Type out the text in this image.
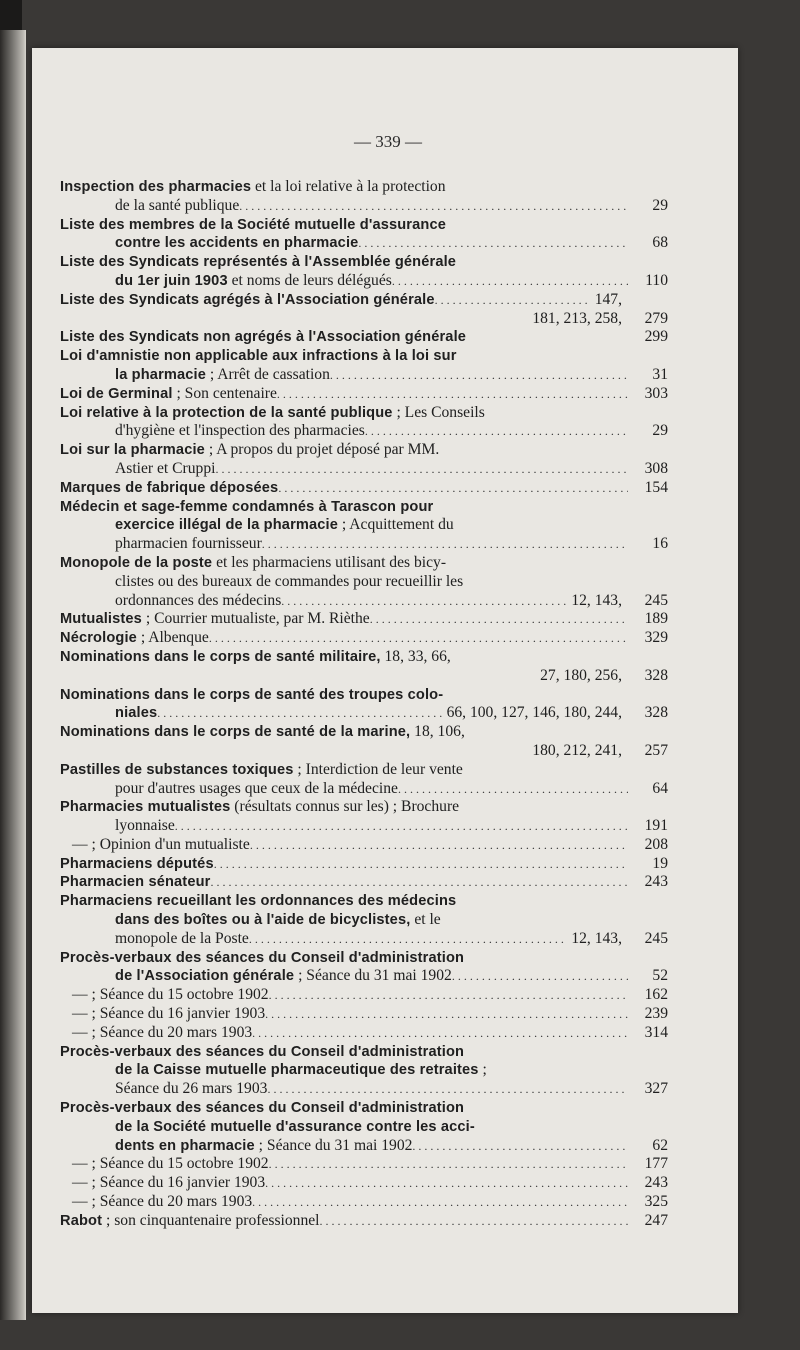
— 339 —
Inspection des pharmacies et la loi relative à la protection
de la santé publique . . .	29
Liste des membres de la Société mutuelle d'assurance
contre les accidents en pharmacie . . .	68
Liste des Syndicats représentés à l'Assemblée générale
du 1er juin 1903 et noms de leurs délégués . . .	110
Liste des Syndicats agrégés à l'Association générale . . .	147,
181, 213, 258,	279
Liste des Syndicats non agrégés à l'Association générale	299
Loi d'amnistie non applicable aux infractions à la loi sur
la pharmacie ; Arrêt de cassation . . .	31
Loi de Germinal ; Son centenaire . . .	303
Loi relative à la protection de la santé publique ; Les Conseils
d'hygiène et l'inspection des pharmacies . . .	29
Loi sur la pharmacie ; A propos du projet déposé par MM.
Astier et Cruppi . . .	308
Marques de fabrique déposées . . .	154
Médecin et sage-femme condamnés à Tarascon pour
exercice illégal de la pharmacie ; Acquittement du
pharmacien fournisseur . . .	16
Monopole de la poste et les pharmaciens utilisant des bicy-
clistes ou des bureaux de commandes pour recueillir les
ordonnances des médecins . . .	12, 143,	245
Mutualistes ; Courrier mutualiste, par M. Rièthe . . .	189
Nécrologie ; Albenque . . .	329
Nominations dans le corps de santé militaire, 18, 33, 66,
27, 180, 256,	328
Nominations dans le corps de santé des troupes colo-
niales . . .	66, 100, 127, 146, 180, 244,	328
Nominations dans le corps de santé de la marine, 18, 106,
180, 212, 241,	257
Pastilles de substances toxiques ; Interdiction de leur vente
pour d'autres usages que ceux de la médecine . . .	64
Pharmacies mutualistes (résultats connus sur les) ; Brochure
lyonnaise . . .	191
— ; Opinion d'un mutualiste . . .	208
Pharmaciens députés . . .	19
Pharmacien sénateur . . .	243
Pharmaciens recueillant les ordonnances des médecins
dans des boîtes ou à l'aide de bicyclistes, et le
monopole de la Poste . . .	12, 143,	245
Procès-verbaux des séances du Conseil d'administration
de l'Association générale ; Séance du 31 mai 1902 . . .	52
— ; Séance du 15 octobre 1902 . . .	162
— ; Séance du 16 janvier 1903 . . .	239
— ; Séance du 20 mars 1903 . . .	314
Procès-verbaux des séances du Conseil d'administration
de la Caisse mutuelle pharmaceutique des retraites ;
Séance du 26 mars 1903 . . .	327
Procès-verbaux des séances du Conseil d'administration
de la Société mutuelle d'assurance contre les acci-
dents en pharmacie ; Séance du 31 mai 1902 . . .	62
— ; Séance du 15 octobre 1902 . . .	177
— ; Séance du 16 janvier 1903 . . .	243
— ; Séance du 20 mars 1903 . . .	325
Rabot ; son cinquantenaire professionnel . . .	247
